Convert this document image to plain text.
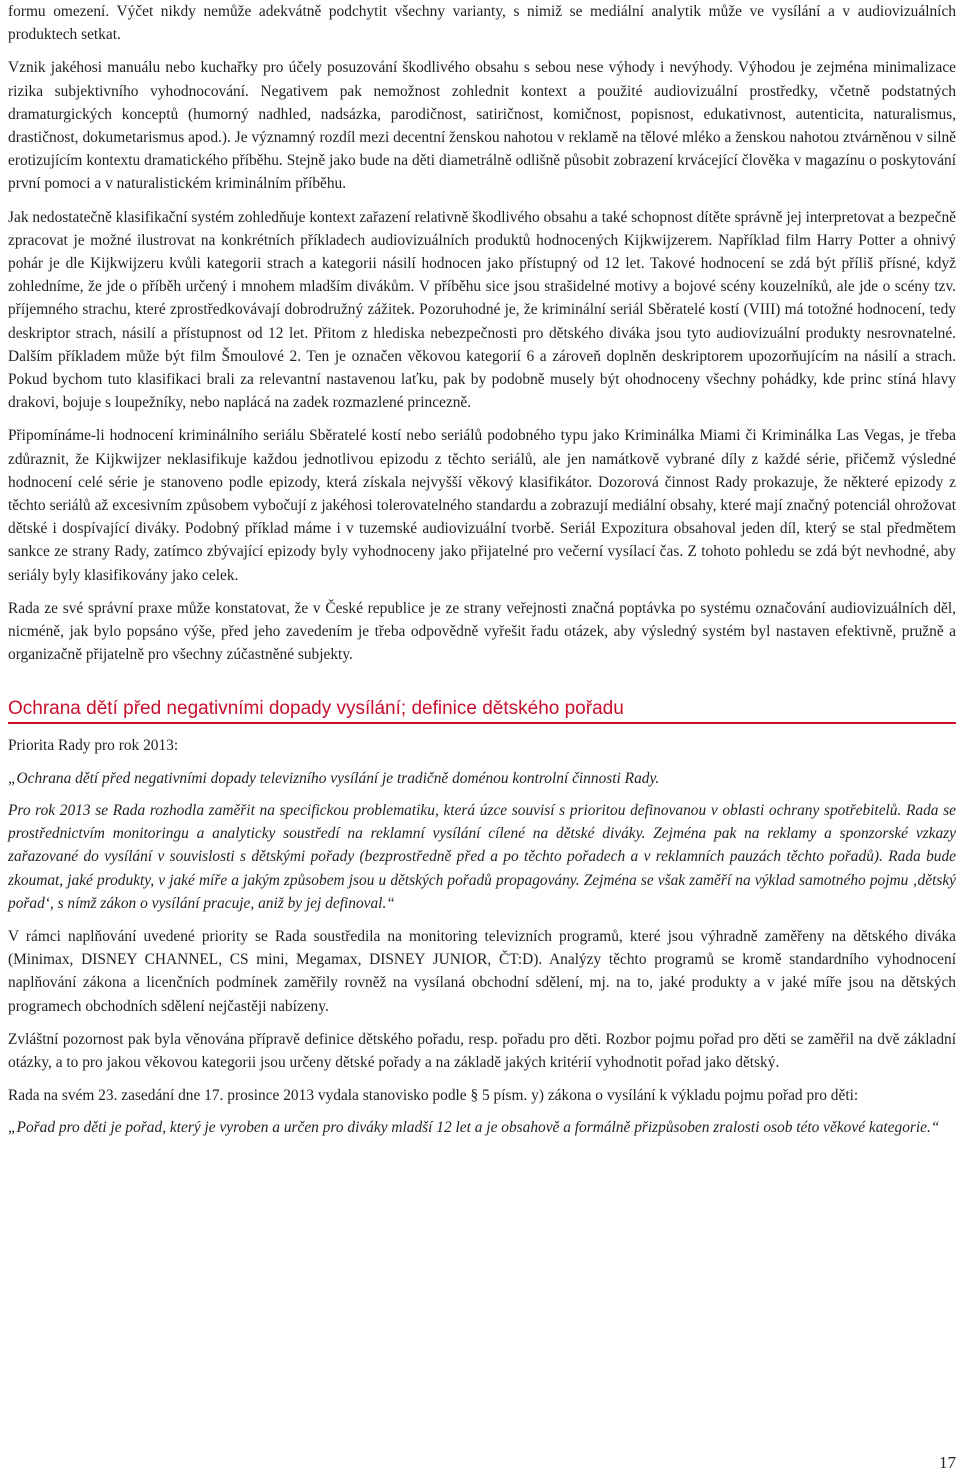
formu omezení. Výčet nikdy nemůže adekvátně podchytit všechny varianty, s nimiž se mediální analytik může ve vysílání a v audiovizuálních produktech setkat.

Vznik jakéhosi manuálu nebo kuchařky pro účely posuzování škodlivého obsahu s sebou nese výhody i nevýhody. Výhodou je zejména minimalizace rizika subjektivního vyhodnocování. Negativem pak nemožnost zohlednit kontext a použité audiovizuální prostředky, včetně podstatných dramaturgických konceptů (humorný nadhled, nadsázka, parodičnost, satiričnost, komičnost, popisnost, edukativnost, autenticita, naturalismus, drastičnost, dokumetarismus apod.). Je významný rozdíl mezi decentní ženskou nahotou v reklamě na tělové mléko a ženskou nahotou ztvárněnou v silně erotizujícím kontextu dramatického příběhu. Stejně jako bude na děti diametrálně odlišně působit zobrazení krvácející člověka v magazínu o poskytování první pomoci a v naturalistickém kriminálním příběhu.

Jak nedostatečně klasifikační systém zohledňuje kontext zařazení relativně škodlivého obsahu a také schopnost dítěte správně jej interpretovat a bezpečně zpracovat je možné ilustrovat na konkrétních příkladech audiovizuálních produktů hodnocených Kijkwijzerem. Například film Harry Potter a ohnivý pohár je dle Kijkwijzeru kvůli kategorii strach a kategorii násilí hodnocen jako přístupný od 12 let. Takové hodnocení se zdá být příliš přísné, když zohledníme, že jde o příběh určený i mnohem mladším divákům. V příběhu sice jsou strašidelné motivy a bojové scény kouzelníků, ale jde o scény tzv. příjemného strachu, které zprostředkovávají dobrodružný zážitek. Pozoruhodné je, že kriminální seriál Sběratelé kostí (VIII) má totožné hodnocení, tedy deskriptor strach, násilí a přístupnost od 12 let. Přitom z hlediska nebezpečnosti pro dětského diváka jsou tyto audiovizuální produkty nesrovnatelné. Dalším příkladem může být film Šmoulové 2. Ten je označen věkovou kategorií 6 a zároveň doplněn deskriptorem upozorňujícím na násilí a strach. Pokud bychom tuto klasifikaci brali za relevantní nastavenou laťku, pak by podobně musely být ohodnoceny všechny pohádky, kde princ stíná hlavy drakovi, bojuje s loupežníky, nebo naplácá na zadek rozmazlené princezně.

Připomínáme-li hodnocení kriminálního seriálu Sběratelé kostí nebo seriálů podobného typu jako Kriminálka Miami či Kriminálka Las Vegas, je třeba zdůraznit, že Kijkwijzer neklasifikuje každou jednotlivou epizodu z těchto seriálů, ale jen namátkově vybrané díly z každé série, přičemž výsledné hodnocení celé série je stanoveno podle epizody, která získala nejvyšší věkový klasifikátor. Dozorová činnost Rady prokazuje, že některé epizody z těchto seriálů až excesivním způsobem vybočují z jakéhosi tolerovatelného standardu a zobrazují mediální obsahy, které mají značný potenciál ohrožovat dětské i dospívající diváky. Podobný příklad máme i v tuzemské audiovizuální tvorbě. Seriál Expozitura obsahoval jeden díl, který se stal předmětem sankce ze strany Rady, zatímco zbývající epizody byly vyhodnoceny jako přijatelné pro večerní vysílací čas. Z tohoto pohledu se zdá být nevhodné, aby seriály byly klasifikovány jako celek.

Rada ze své správní praxe může konstatovat, že v České republice je ze strany veřejnosti značná poptávka po systému označování audiovizuálních děl, nicméně, jak bylo popsáno výše, před jeho zavedením je třeba odpovědně vyřešit řadu otázek, aby výsledný systém byl nastaven efektivně, pružně a organizačně přijatelně pro všechny zúčastněné subjekty.

Ochrana dětí před negativními dopady vysílání; definice dětského pořadu

Priorita Rady pro rok 2013:

„Ochrana dětí před negativními dopady televizního vysílání je tradičně doménou kontrolní činnosti Rady.

Pro rok 2013 se Rada rozhodla zaměřit na specifickou problematiku, která úzce souvisí s prioritou definovanou v oblasti ochrany spotřebitelů. Rada se prostřednictvím monitoringu a analyticky soustředí na reklamní vysílání cílené na dětské diváky. Zejména pak na reklamy a sponzorské vzkazy zařazované do vysílání v souvislosti s dětskými pořady (bezprostředně před a po těchto pořadech a v reklamních pauzách těchto pořadů). Rada bude zkoumat, jaké produkty, v jaké míře a jakým způsobem jsou u dětských pořadů propagovány. Zejména se však zaměří na výklad samotného pojmu ‚dětský pořad‘, s nímž zákon o vysílání pracuje, aniž by jej definoval.“

V rámci naplňování uvedené priority se Rada soustředila na monitoring televizních programů, které jsou výhradně zaměřeny na dětského diváka (Minimax, DISNEY CHANNEL, CS mini, Megamax, DISNEY JUNIOR, ČT:D). Analýzy těchto programů se kromě standardního vyhodnocení naplňování zákona a licenčních podmínek zaměřily rovněž na vysílaná obchodní sdělení, mj. na to, jaké produkty a v jaké míře jsou na dětských programech obchodních sdělení nejčastěji nabízeny.

Zvláštní pozornost pak byla věnována přípravě definice dětského pořadu, resp. pořadu pro děti. Rozbor pojmu pořad pro děti se zaměřil na dvě základní otázky, a to pro jakou věkovou kategorii jsou určeny dětské pořady a na základě jakých kritérií vyhodnotit pořad jako dětský.

Rada na svém 23. zasedání dne 17. prosince 2013 vydala stanovisko podle § 5 písm. y) zákona o vysílání k výkladu pojmu pořad pro děti:

„Pořad pro děti je pořad, který je vyroben a určen pro diváky mladší 12 let a je obsahově a formálně přizpůsoben zralosti osob této věkové kategorie.“

17
